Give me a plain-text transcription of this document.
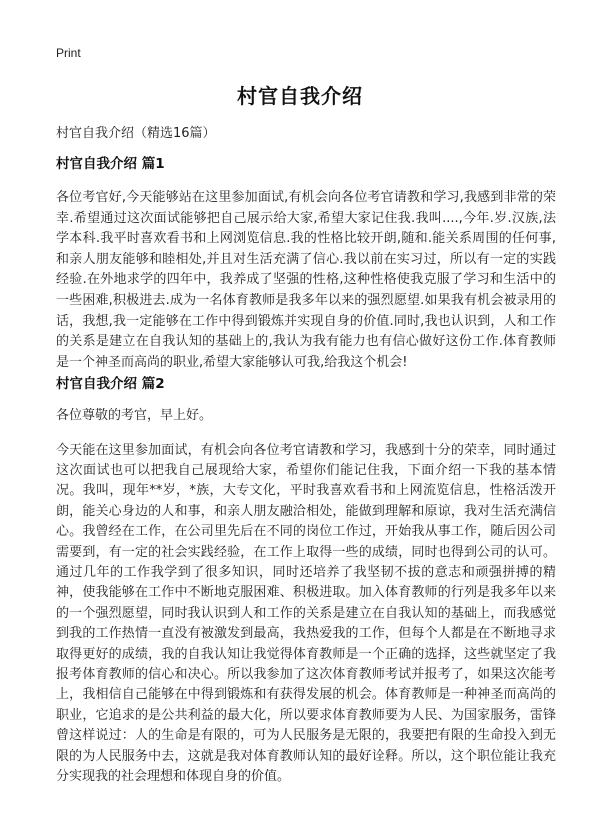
Print
村官自我介绍
村官自我介绍（精选16篇）
村官自我介绍 篇1

各位考官好,今天能够站在这里参加面试,有机会向各位考官请教和学习,我感到非常的荣幸.希望通过这次面试能够把自己展示给大家,希望大家记住我.我叫....,今年.岁.汉族,法学本科.我平时喜欢看书和上网浏览信息.我的性格比较开朗,随和.能关系周围的任何事,和亲人朋友能够和睦相处,并且对生活充满了信心.我以前在实习过，所以有一定的实践经验.在外地求学的四年中，我养成了坚强的性格,这种性格使我克服了学习和生活中的一些困难,积极进去.成为一名体育教师是我多年以来的强烈愿望.如果我有机会被录用的话，我想,我一定能够在工作中得到锻炼并实现自身的价值.同时,我也认识到，人和工作的关系是建立在自我认知的基础上的,我认为我有能力也有信心做好这份工作.体育教师是一个神圣而高尚的职业,希望大家能够认可我,给我这个机会!

村官自我介绍 篇2

各位尊敬的考官，早上好。

今天能在这里参加面试，有机会向各位考官请教和学习，我感到十分的荣幸，同时通过这次面试也可以把我自己展现给大家，希望你们能记住我，下面介绍一下我的基本情况。我叫，现年**岁，*族，大专文化，平时我喜欢看书和上网流览信息，性格活泼开朗，能关心身边的人和事，和亲人朋友融洽相处，能做到理解和原谅，我对生活充满信心。我曾经在工作，在公司里先后在不同的岗位工作过，开始我从事工作，随后因公司需要到，有一定的社会实践经验，在工作上取得一些的成绩，同时也得到公司的认可。通过几年的工作我学到了很多知识，同时还培养了我坚韧不拔的意志和顽强拼搏的精神，使我能够在工作中不断地克服困难、积极进取。加入体育教师的行列是我多年以来的一个强烈愿望，同时我认识到人和工作的关系是建立在自我认知的基础上，而我感觉到我的工作热情一直没有被激发到最高，我热爱我的工作，但每个人都是在不断地寻求取得更好的成绩，我的自我认知让我觉得体育教师是一个正确的选择，这些就坚定了我报考体育教师的信心和决心。所以我参加了这次体育教师考试并报考了，如果这次能考上，我相信自己能够在中得到锻炼和有获得发展的机会。体育教师是一种神圣而高尚的职业，它追求的是公共利益的最大化，所以要求体育教师要为人民、为国家服务，雷锋曾这样说过：人的生命是有限的，可为人民服务是无限的，我要把有限的生命投入到无限的为人民服务中去，这就是我对体育教师认知的最好诠释。所以，这个职位能让我充分实现我的社会理想和体现自身的价值。
